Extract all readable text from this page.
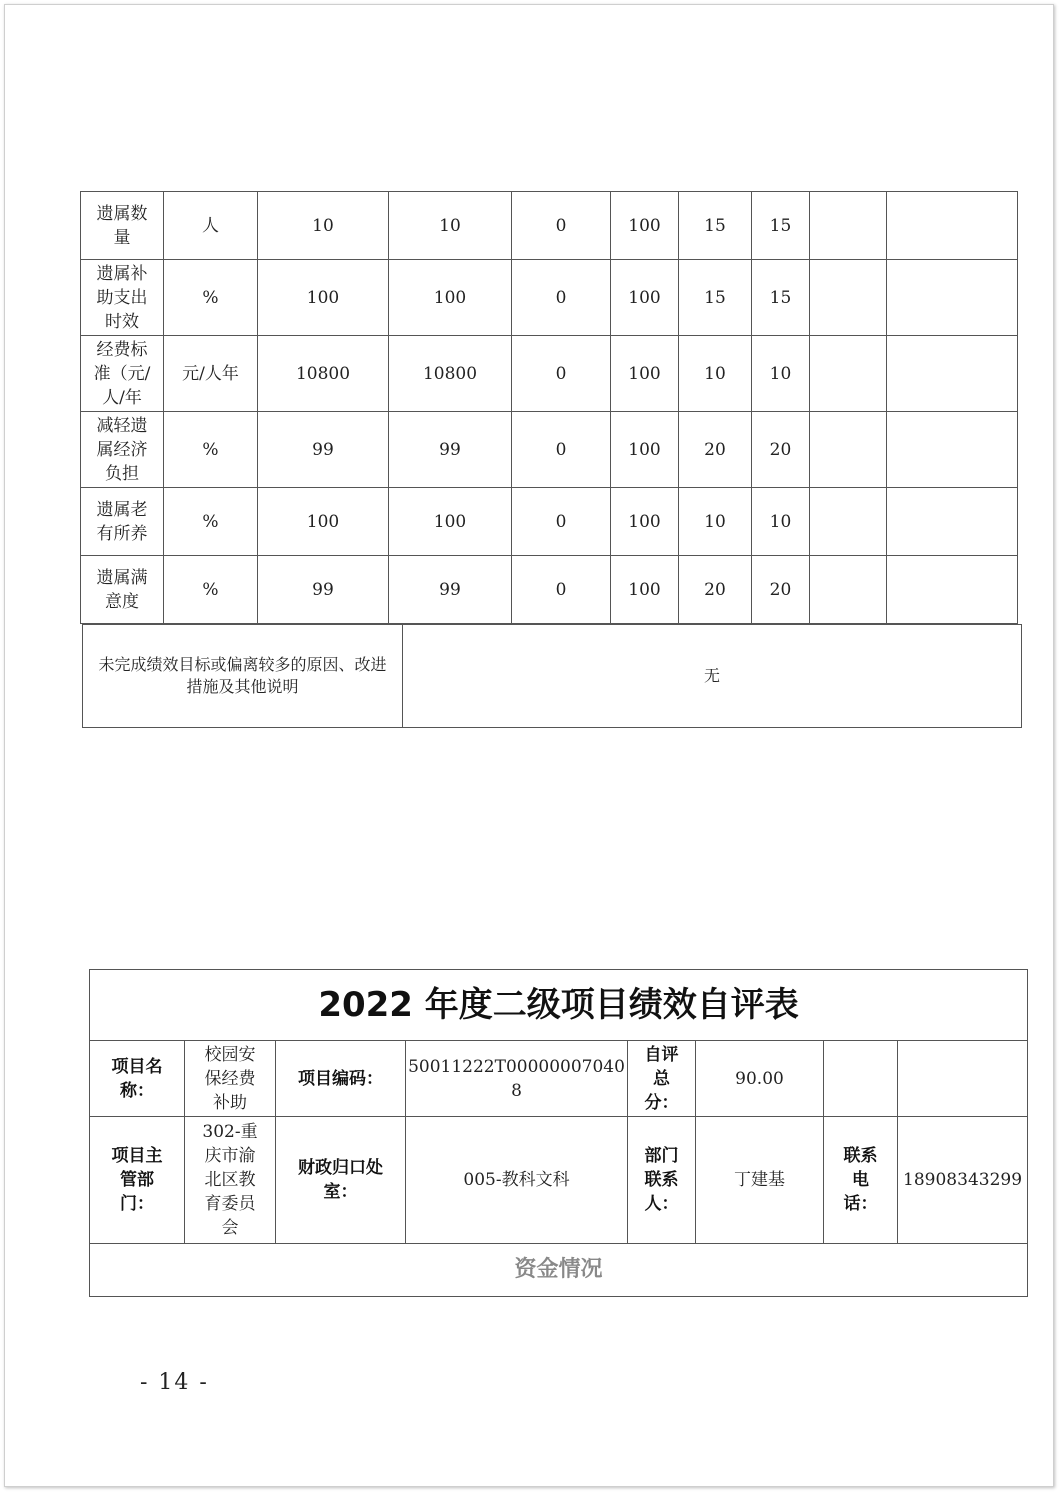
遗属数量	人	10	10	0	100	15	15		
遗属补助支出时效	%	100	100	0	100	15	15		
经费标准（元/人/年	元/人年	10800	10800	0	100	10	10		
减轻遗属经济负担	%	99	99	0	100	20	20		
遗属老有所养	%	100	100	0	100	10	10		
遗属满意度	%	99	99	0	100	20	20		
未完成绩效目标或偏离较多的原因、改进措施及其他说明	无
2022 年度二级项目绩效自评表							
项目名称：	校园安保经费补助	项目编码：	50011222T000000070408	自评总分：	90.00		
项目主管部门：	302-重庆市渝北区教育委员会	财政归口处室：	005-教科文科	部门联系人：	丁建基	联系电话：	18908343299
资金情况							
- 14 -
